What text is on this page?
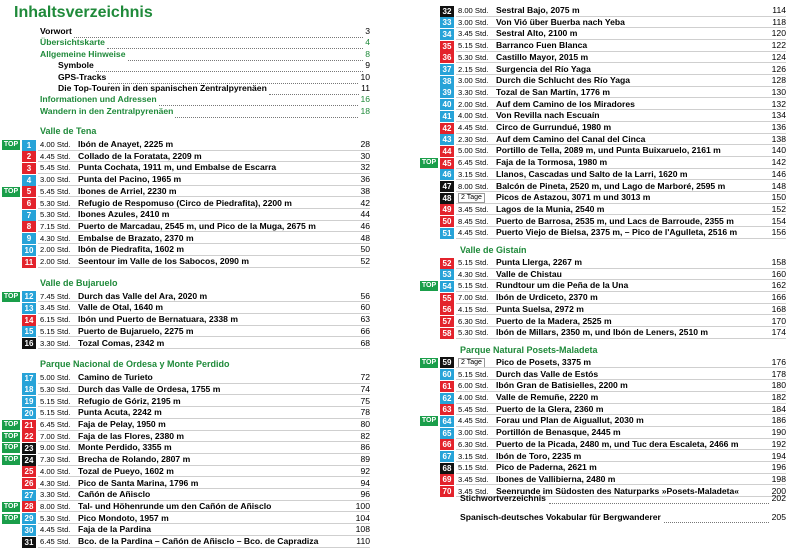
Inhaltsverzeichnis
Vorwort	3
Übersichtskarte	4
Allgemeine Hinweise	8
Symbole	9
GPS-Tracks	10
Die Top-Touren in den spanischen Zentralpyrenäen	11
Informationen und Adressen	16
Wandern in den Zentralpyrenäen	18
Valle de Tena
TOP	1	4.00 Std. Ibón de Anayet, 2225 m	28
2	4.45 Std. Collado de la Foratata, 2209 m	30
3	5.45 Std. Punta Cochata, 1911 m, und Embalse de Escarra	32
4	3.00 Std. Punta del Pacino, 1965 m	36
TOP	5	5.45 Std. Ibones de Arriel, 2230 m	38
6	5.30 Std. Refugio de Respomuso (Circo de Piedrafita), 2200 m	42
7	5.30 Std. Ibones Azules, 2410 m	44
8	7.15 Std. Puerto de Marcadau, 2545 m, und Pico de la Muga, 2675 m	46
9	4.30 Std. Embalse de Brazato, 2370 m	48
10 2.00 Std. Ibón de Piedrafita, 1602 m	50
11 2.00 Std. Seentour im Valle de los Sabocos, 2090 m	52
Valle de Bujaruelo
TOP 12 7.45 Std. Durch das Valle del Ara, 2020 m	56
13 3.45 Std. Valle de Otal, 1640 m	60
14 6.15 Std. Ibón und Puerto de Bernatuara, 2338 m	63
15 5.15 Std. Puerto de Bujaruelo, 2275 m	66
16 3.30 Std. Tozal Comas, 2342 m	68
Parque Nacional de Ordesa y Monte Perdido
17 5.00 Std. Camino de Turieto	72
18 5.30 Std. Durch das Valle de Ordesa, 1755 m	74
19 5.15 Std. Refugio de Góriz, 2195 m	75
20 5.15 Std. Punta Acuta, 2242 m	78
TOP 21 6.45 Std. Faja de Pelay, 1950 m	80
TOP 22 7.00 Std. Faja de las Flores, 2380 m	82
TOP 23 9.00 Std. Monte Perdido, 3355 m	86
TOP 24 7.30 Std. Brecha de Rolando, 2807 m	89
25 4.00 Std. Tozal de Pueyo, 1602 m	92
26 4.30 Std. Pico de Santa Marina, 1796 m	94
27 3.30 Std. Cañón de Añisclo	96
TOP 28 8.00 Std. Tal- und Höhenrunde um den Cañón de Añisclo	100
TOP 29 5.30 Std. Pico Mondoto, 1957 m	104
30 4.45 Std. Faja de la Pardina	108
31 6.45 Std. Bco. de la Pardina – Cañón de Añisclo – Bco. de Capradiza	110
32 8.00 Std. Sestral Bajo, 2075 m	114
33 3.00 Std. Von Vió über Buerba nach Yeba	118
34 3.45 Std. Sestral Alto, 2100 m	120
35 5.15 Std. Barranco Fuen Blanca	122
36 5.30 Std. Castillo Mayor, 2015 m	124
37 2.15 Std. Surgencia del Río Yaga	126
38 3.00 Std. Durch die Schlucht des Río Yaga	128
39 3.30 Std. Tozal de San Martín, 1776 m	130
40 2.00 Std. Auf dem Camino de los Miradores	132
41 4.00 Std. Von Revilla nach Escuaín	134
42 4.45 Std. Circo de Gurrundué, 1980 m	136
43 2.30 Std. Auf dem Camino del Canal del Cinca	138
44 5.00 Std. Portillo de Tella, 2089 m, und Punta Buixaruelo, 2161 m	140
TOP 45 6.45 Std. Faja de la Tormosa, 1980 m	142
46 3.15 Std. Llanos, Cascadas und Salto de la Larri, 1620 m	146
47 8.00 Std. Balcón de Pineta, 2520 m, und Lago de Marboré, 2595 m	148
48	2 Tage	Picos de Astazou, 3071 m und 3013 m	150
49 3.45 Std. Lagos de la Munia, 2540 m	152
50 8.45 Std. Puerto de Barrosa, 2535 m, und Lacs de Barroude, 2355 m	154
51 4.45 Std. Puerto Viejo de Bielsa, 2375 m, – Pico de l'Agulleta, 2516 m	156
Valle de Gistaín
52 5.15 Std. Punta Llerga, 2267 m	158
53 4.30 Std. Valle de Chistau	160
TOP 54 5.15 Std. Rundtour um die Peña de la Una	162
55 7.00 Std. Ibón de Urdiceto, 2370 m	166
56 4.15 Std. Punta Suelsa, 2972 m	168
57 6.30 Std. Puerto de la Madera, 2525 m	170
58 5.30 Std. Ibón de Millars, 2350 m, und Ibón de Leners, 2510 m	174
Parque Natural Posets-Maladeta
TOP 59	2 Tage	Pico de Posets, 3375 m	176
60 5.15 Std. Durch das Valle de Estós	178
61 6.00 Std. Ibón Gran de Batisielles, 2200 m	180
62 4.00 Std. Valle de Remuñe, 2220 m	182
63 5.45 Std. Puerto de la Glera, 2360 m	184
TOP 64 4.45 Std. Forau und Plan de Aiguallut, 2030 m	186
65 3.00 Std. Portillón de Benasque, 2445 m	190
66 6.30 Std. Puerto de la Picada, 2480 m, und Tuc dera Escaleta, 2466 m	192
67 3.15 Std. Ibón de Toro, 2235 m	194
68 5.15 Std. Pico de Paderna, 2621 m	196
69 3.45 Std. Ibones de Vallibierna, 2480 m	198
70 3.45 Std. Seenrunde im Südosten des Naturparks »Posets-Maladeta«	200
Stichwortverzeichnis	202
Spanisch-deutsches Vokabular für Bergwanderer	205
